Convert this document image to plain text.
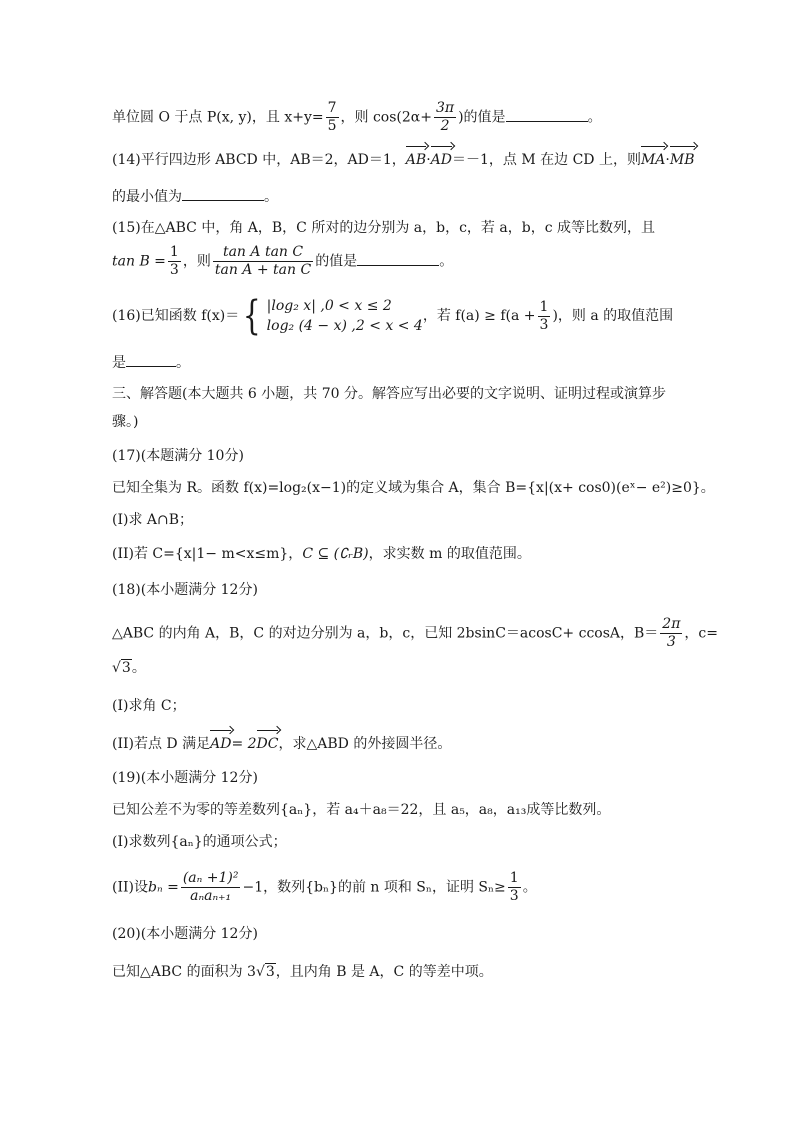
单位圆 O 于点 P(x, y)，且 $x+y= \frac{7}{5}$ ，则 $\cos(2\alpha+ \frac{3\pi}{2}$ )的值是	。
(14)平行四边形 ABCD 中，AB＝2，AD＝1，AB·AD＝－1，点 M 在边 CD 上，则MA·MB
的最小值为	。
(15)在△ABC 中，角 A，B，C 所对的边分别为 a，b，c，若 a，b，c 成等比数列，且
$\tan B = \frac{1}{3}$ ，则 $\frac{\text{tan A tan C}}{\text{tan A + tan C}}$ 的值是	。
(16)已知函数 f(x)＝ { |log₂ x| ,0 < x ≤ 2
log₂ (4 − x) ,2 < x < 4
，若 $f(a) \ge f(a + \frac{1}{3}$ )，则 a 的取值范围
是	。
三、解答题(本大题共 6 小题，共 70 分。解答应写出必要的文字说明、证明过程或演算步
骤。)
(17)(本题满分 10分)
已知全集为 R。函数 f(x)=log₂(x−1)的定义域为集合 A，集合 B={x|(x+ cos0)(eˣ− e²)≥0}。
(I)求 A∩B；
(II)若 C={x|1− m<x≤m}，C ⊆ (∁ᵣB)，求实数 m 的取值范围。
(18)(本小题满分 12分)
△ABC 的内角 A，B，C 的对边分别为 a，b，c，已知 2bsinC＝acosC+ ccosA，$B= \frac{2\pi}{3}$ ，c=
√3。
(I)求角 C；
(II)若点 D 满足AD= 2DC，求△ABD 的外接圆半径。
(19)(本小题满分 12分)
已知公差不为零的等差数列{aₙ}，若 a₄＋a₈＝22，且 a₅，a₈，a₁₃成等比数列。
(I)求数列{aₙ}的通项公式；
(II)设$b_n = \frac{\text{(aₙ +1)²}}{\text{aₙaₙ₊₁}} -1$，数列{bₙ}的前 n 项和 Sₙ，证明 $S_n\ge \frac{1}{3}$ 。
(20)(本小题满分 12分)
已知△ABC 的面积为 3√3，且内角 B 是 A，C 的等差中项。
